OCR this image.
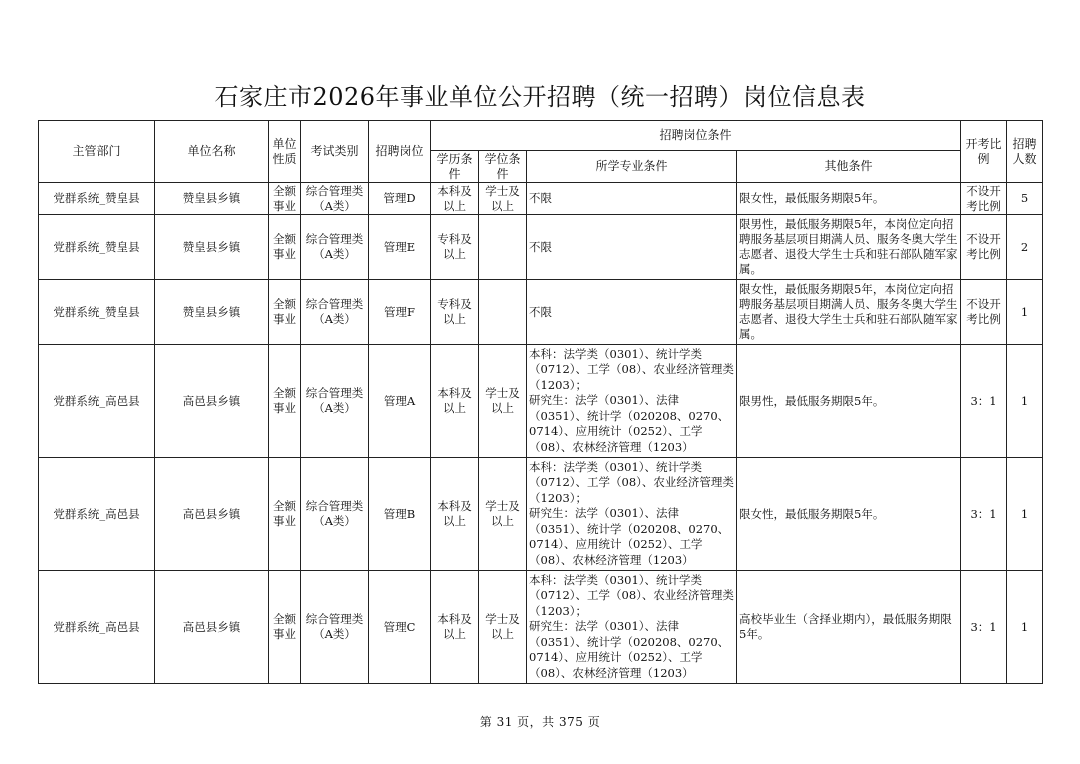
石家庄市2026年事业单位公开招聘（统一招聘）岗位信息表
主管部门	单位名称	单位性质	考试类别	招聘岗位	招聘岗位条件				开考比例	招聘人数
					学历条件	学位条件	所学专业条件	其他条件		
党群系统_赞皇县	赞皇县乡镇	全额事业	综合管理类（A类）	管理D	本科及以上	学士及以上	不限	限女性，最低服务期限5年。	不设开考比例	5
党群系统_赞皇县	赞皇县乡镇	全额事业	综合管理类（A类）	管理E	专科及以上		不限	限男性，最低服务期限5年，本岗位定向招聘服务基层项目期满人员、服务冬奥大学生志愿者、退役大学生士兵和驻石部队随军家属。	不设开考比例	2
党群系统_赞皇县	赞皇县乡镇	全额事业	综合管理类（A类）	管理F	专科及以上		不限	限女性，最低服务期限5年，本岗位定向招聘服务基层项目期满人员、服务冬奥大学生志愿者、退役大学生士兵和驻石部队随军家属。	不设开考比例	1
党群系统_高邑县	高邑县乡镇	全额事业	综合管理类（A类）	管理A	本科及以上	学士及以上	本科：法学类（0301）、统计学类（0712）、工学（08）、农业经济管理类（1203）；
研究生：法学（0301）、法律（0351）、统计学（020208、0270、0714）、应用统计（0252）、工学（08）、农林经济管理（1203）	限男性，最低服务期限5年。	3：1	1
党群系统_高邑县	高邑县乡镇	全额事业	综合管理类（A类）	管理B	本科及以上	学士及以上	本科：法学类（0301）、统计学类（0712）、工学（08）、农业经济管理类（1203）；
研究生：法学（0301）、法律（0351）、统计学（020208、0270、0714）、应用统计（0252）、工学（08）、农林经济管理（1203）	限女性，最低服务期限5年。	3：1	1
党群系统_高邑县	高邑县乡镇	全额事业	综合管理类（A类）	管理C	本科及以上	学士及以上	本科：法学类（0301）、统计学类（0712）、工学（08）、农业经济管理类（1203）；
研究生：法学（0301）、法律（0351）、统计学（020208、0270、0714）、应用统计（0252）、工学（08）、农林经济管理（1203）	高校毕业生（含择业期内），最低服务期限5年。	3：1	1
第 31 页，共 375 页
